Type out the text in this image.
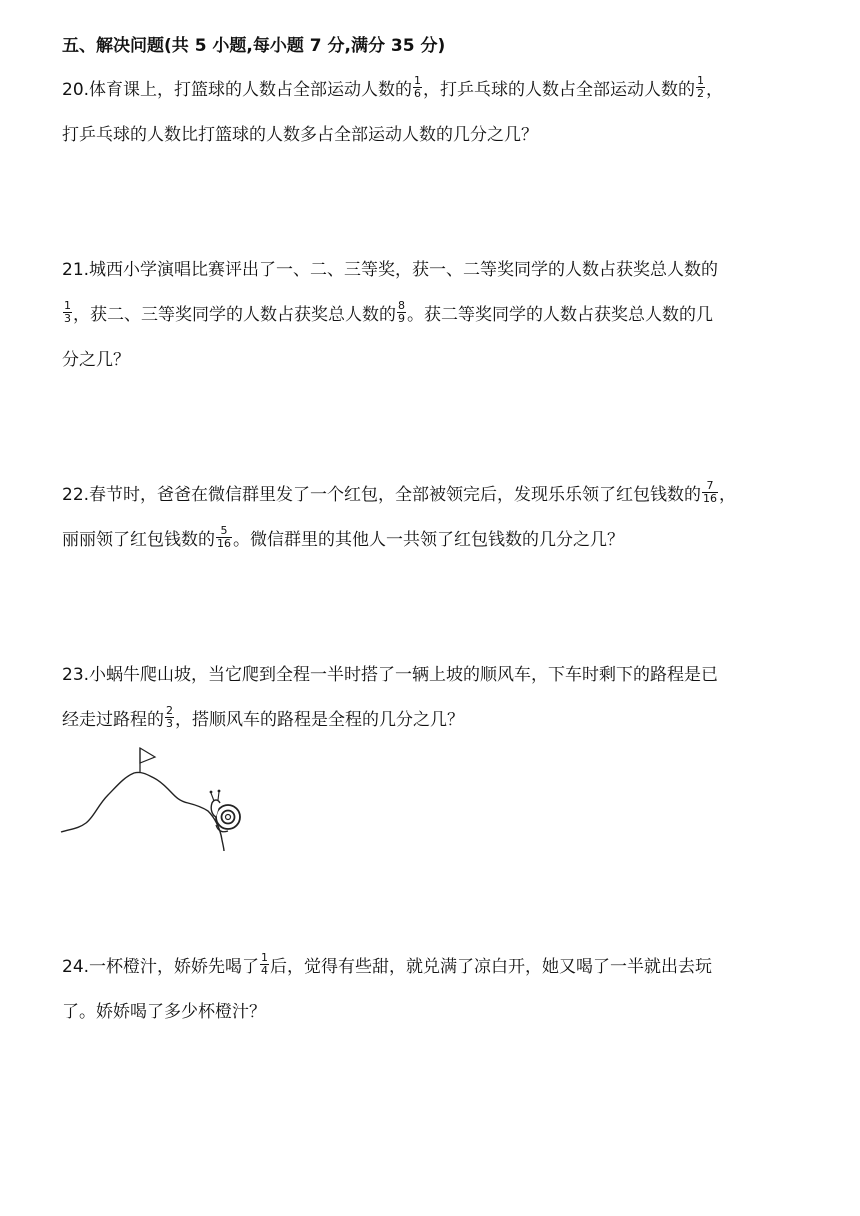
五、解决问题(共 5 小题,每小题 7 分,满分 35 分)
20.体育课上，打篮球的人数占全部运动人数的 $\frac{1}{6}$ ，打乒乓球的人数占全部运动人数的 $\frac{1}{2}$ ，
打乒乓球的人数比打篮球的人数多占全部运动人数的几分之几？
21.城西小学演唱比赛评出了一、二、三等奖，获一、二等奖同学的人数占获奖总人数的
$\frac{1}{3}$ ，获二、三等奖同学的人数占获奖总人数的 $\frac{8}{9}$ 。获二等奖同学的人数占获奖总人数的几
分之几？
22.春节时，爸爸在微信群里发了一个红包，全部被领完后，发现乐乐领了红包钱数的 $\frac{7}{16}$ ，
丽丽领了红包钱数的 $\frac{5}{16}$ 。微信群里的其他人一共领了红包钱数的几分之几？
23.小蜗牛爬山坡，当它爬到全程一半时搭了一辆上坡的顺风车，下车时剩下的路程是已
经走过路程的 $\frac{2}{3}$ ，搭顺风车的路程是全程的几分之几？
24.一杯橙汁，娇娇先喝了 $\frac{1}{4}$ 后，觉得有些甜，就兑满了凉白开，她又喝了一半就出去玩
了。娇娇喝了多少杯橙汁？
